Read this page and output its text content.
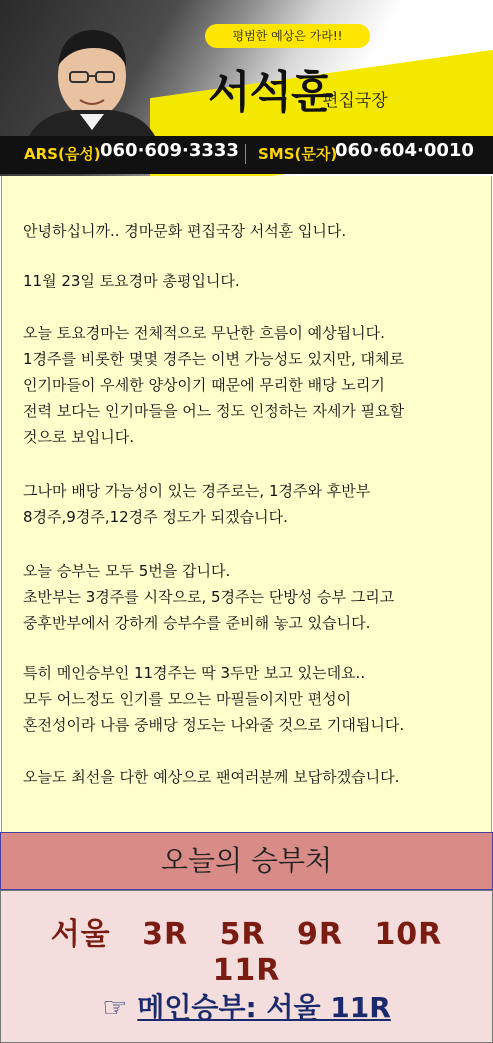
평범한 예상은 가라!!
서석훈
편집국장
ARS(음성) 060·609·3333 SMS(문자)
060·604·0010

안녕하십니까.. 경마문화 편집국장 서석훈 입니다.

11월 23일 토요경마 총평입니다.

오늘 토요경마는 전체적으로 무난한 흐름이 예상됩니다.
1경주를 비롯한 몇몇 경주는 이변 가능성도 있지만, 대체로
인기마들이 우세한 양상이기 때문에 무리한 배당 노리기
전력 보다는 인기마들을 어느 정도 인정하는 자세가 필요할
것으로 보입니다.

그나마 배당 가능성이 있는 경주로는, 1경주와 후반부
8경주,9경주,12경주 정도가 되겠습니다.

오늘 승부는 모두 5번을 갑니다.
초반부는 3경주를 시작으로, 5경주는 단방성 승부 그리고
중후반부에서 강하게 승부수를 준비해 놓고 있습니다.

특히 메인승부인 11경주는 딱 3두만 보고 있는데요..
모두 어느정도 인기를 모으는 마필들이지만 편성이
혼전성이라 나름 중배당 정도는 나와줄 것으로 기대됩니다.

오늘도 최선을 다한 예상으로 팬여러분께 보답하겠습니다.

오늘의 승부처
서울 3R 5R 9R 10R 11R
☞ 메인승부: 서울 11R
